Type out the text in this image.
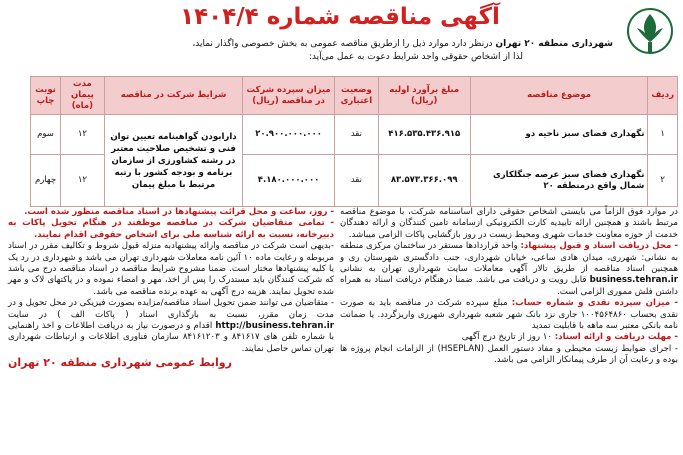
آگهی مناقصه شماره ۱۴۰۴/۴

شهرداری منطقه ۲۰ تهران درنظر دارد موارد ذیل را ازطریق مناقصه عمومی به بخش خصوصی واگذار نماید،

لذا از اشخاص حقوقی واجد شرایط دعوت به عمل می‌آید:

ردیف	موضوع مناقصه	مبلغ برآورد اولیه (ریال)	وضعیت اعتباری	میزان سپرده شرکت در مناقصه (ریال)	شرایط شرکت در مناقصه	مدت پیمان (ماه)	نوبت چاپ
۱	نگهداری فضای سبز ناحیه دو	۴۱۶.۵۳۵.۴۳۶.۹۱۵	نقد	۲۰.۹۰۰.۰۰۰.۰۰۰	دارابودن گواهینامه تعیین توان فنی و تشخیص صلاحیت معتبر در رشته کشاورزی از سازمان برنامه و بودجه کشور با رتبه مرتبط با مبلغ پیمان	۱۲	سوم
۲	نگهداری فضای سبز عرصه جنگلکاری شمال واقع درمنطقه ۲۰	۸۳.۵۷۳.۳۶۶.۰۹۹	نقد	۴.۱۸۰.۰۰۰.۰۰۰		۱۲	چهارم

در موارد فوق الزاماً می بایستی اشخاص حقوقی دارای اساسنامه شرکت، با موضوع مناقصه مرتبط باشند و همچنین ارائه تاییدیه کارت الکترونیکی ازسامانه تامین کنندگان و ارائه دهندگان خدمت از حوزه معاونت خدمات شهری ومحیط زیست در روز بازگشایی پاکات الزامی میباشد.

- محل دریافت اسناد و قبول پیشنهاد: واحد قراردادها مستقر در ساختمان مرکزی منطقه به نشانی: شهرری، میدان هادی ساعی، خیابان شهرداری، جنب دادگستری شهرستان ری و همچنین اسناد مناقصه از طریق تالار آگهی معاملات سایت شهرداری تهران به نشانی business.tehran.ir قابل رویت و دریافت می باشد. ضمنا درهنگام دریافت اسناد به همراه داشتن فلش مموری الزامی است.

- میزان سپرده نقدی و شماره حساب: مبلغ سپرده شرکت در مناقصه باید به صورت نقدی بحساب ۱۰۰۴۵۶۴۸۶۰ جاری نزد بانک شهر شعبه شهرداری شهرری واریزگردد. یا ضمانت نامه بانکی معتبر سه ماهه با قابلیت تمدید

- مهلت دریافت و ارائه اسناد: ۱۰ روز از تاریخ درج آگهی

- اجرای ضوابط زیست محیطی و مفاد دستور العمل (HSEPLAN) از الزامات انجام پروژه ها بوده و رعایت آن از طرف پیمانکار الزامی می باشد.

- روز، ساعت و محل قرائت پیشنهادها در اسناد مناقصه منظور شده است.

- تمامی متقاضیان شرکت در مناقصه موظفند در هنگام تحویل پاکات به دبیرخانه، نسبت به ارائه شناسه ملی برای اشخاص حقوقی اقدام نمایند.

-بدیهی است شرکت در مناقصه وارائه پیشنهادبه منزله قبول شروط و تکالیف مقرر در اسناد مربوطه و رعایت ماده ۱۰ آئین نامه معاملات شهرداری تهران می باشد و شهرداری در رد یک یا کلیه پیشنهادها مختار است. ضمنا مشروح شرایط مناقصه در اسناد مناقصه درج می باشد که شرکت کنندگان باید مستدرک را پس از اخذ، مهر و امضاء نموده و در پاکتهای لاک و مهر شده تحویل نمایند. هزینه درج آگهی به عهده برنده مناقصه می باشد.

- متقاضیان می توانند ضمن تحویل اسناد مناقصه/مزایده بصورت فیزیکی در محل تحویل و در مدت زمان مقرر، نسبت به بارگذاری اسناد ( پاکات الف ) در سایت http://business.tehran.ir اقدام و درصورت نیاز به دریافت اطلاعات و اخذ راهنمایی با شماره تلفن های ۸۴۱۶۱۷ و ۸۴۱۶۱۲۰۳ سازمان فناوری اطلاعات و ارتباطات شهرداری تهران تماس حاصل نمایند.

روابط عمومی شهرداری منطقه ۲۰ تهران
